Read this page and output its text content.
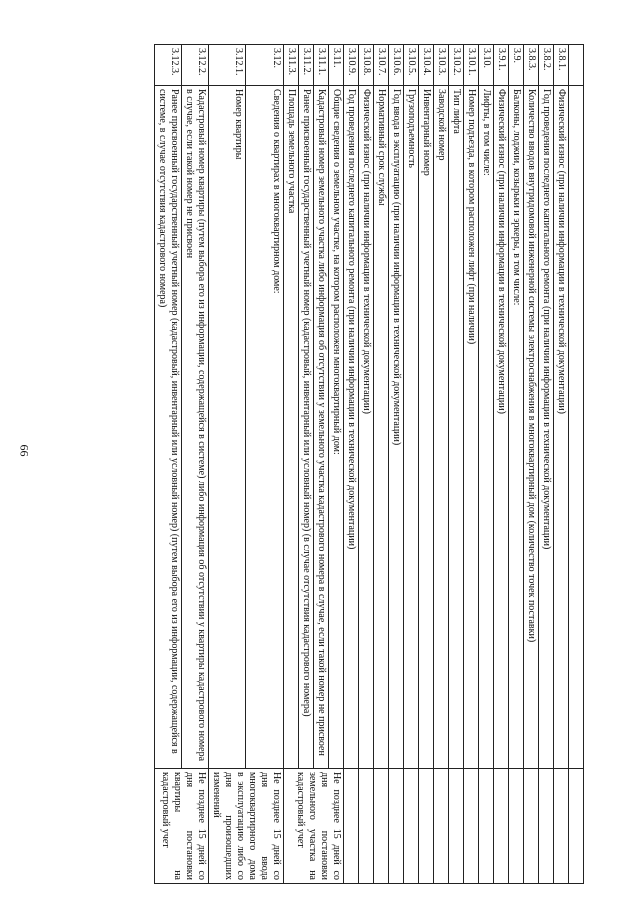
66

3.8.1.	Физический износ (при наличии информации в технической документации)	
3.8.2.	Год проведения последнего капитального ремонта (при наличии информации в технической документации)	
3.8.3.	Количество вводов внутридомовой инженерной системы электроснабжения в многоквартирный дом (количество точек поставки)	
3.9.	Балконы, лоджии, козырьки и эркеры, в том числе:	
3.9.1.	Физический износ (при наличии информации в технической документации)	
3.10.	Лифты, в том числе:	
3.10.1.	Номер подъезда, в котором расположен лифт (при наличии)	
3.10.2.	Тип лифта	
3.10.3.	Заводской номер	
3.10.4.	Инвентарный номер	
3.10.5.	Грузоподъемность	
3.10.6.	Год ввода в эксплуатацию (при наличии информации в технической документации)	
3.10.7.	Нормативный срок службы	
3.10.8.	Физический износ (при наличии информации в технической документации)	
3.10.9.	Год проведения последнего капитального ремонта (при наличии информации в технической документации)	
3.11.	Общие сведения о земельном участке, на котором расположен многоквартирный дом:	Не позднее 15 дней со дня постановки земельного участка на кадастровый учет
3.11.1.	Кадастровый номер земельного участка либо информация об отсутствии у земельного участка кадастрового номера в случае, если такой номер не присвоен	
3.11.2.	Ранее присвоенный государственный учетный номер (кадастровый, инвентарный или условный номер) (в случае отсутствия кадастрового номера)	
3.11.3.	Площадь земельного участка	
3.12.	Сведения о квартирах в многоквартирном доме:	Не позднее 15 дней со дня ввода многоквартирного дома в эксплуатацию либо со дня произошедших изменений
3.12.1.	Номер квартиры	
3.12.2.	Кадастровый номер квартиры (путем выбора его из информации, содержащейся в системе) либо информация об отсутствии у квартиры кадастрового номера в случае, если такой номер не присвоен	Не позднее 15 дней со дня постановки квартиры на кадастровый учет
3.12.3.	Ранее присвоенный государственный учетный номер (кадастровый, инвентарный или условный номер) (путем выбора его из информации, содержащейся в системе, в случае отсутствия кадастрового номера)	
